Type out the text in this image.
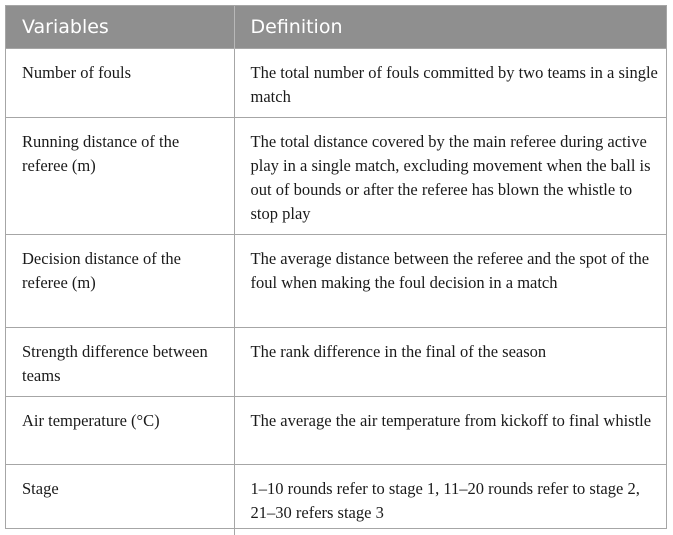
Variables	Definition

Number of fouls	The total number of fouls committed by two teams in a single match

Running distance of the referee (m)	The total distance covered by the main referee during active play in a single match, excluding movement when the ball is out of bounds or after the referee has blown the whistle to stop play

Decision distance of the referee (m)	The average distance between the referee and the spot of the foul when making the foul decision in a match

Strength difference between teams	The rank difference in the final of the season

Air temperature (°C)	The average the air temperature from kickoff to final whistle

Stage	1–10 rounds refer to stage 1, 11–20 rounds refer to stage 2, 21–30 refers stage 3
